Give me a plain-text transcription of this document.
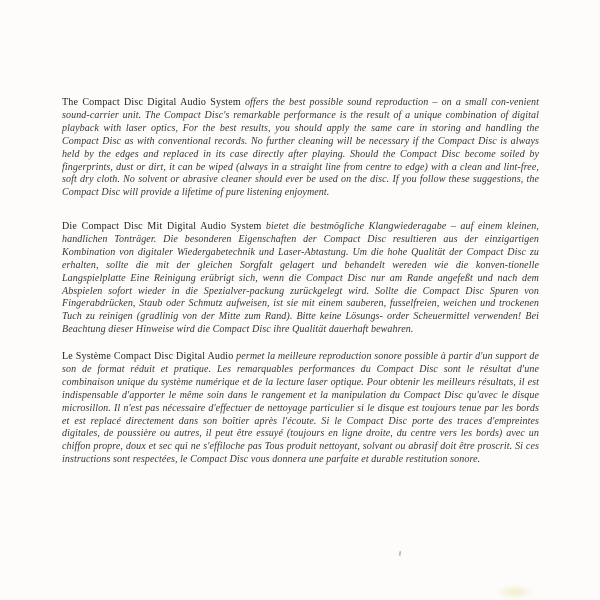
The Compact Disc Digital Audio System offers the best possible sound reproduction – on a small con-venient sound-carrier unit. The Compact Disc's remarkable performance is the result of a unique combination of digital playback with laser optics, For the best results, you should apply the same care in storing and handling the Compact Disc as with conventional records. No further cleaning will be necessary if the Compact Disc is always held by the edges and replaced in its case directly after playing. Should the Compact Disc become soiled by fingerprints, dust or dirt, it can be wiped (always in a straight line from centre to edge) with a clean and lint-free, soft dry cloth. No solvent or abrasive cleaner should ever be used on the disc. If you follow these suggestions, the Compact Disc will provide a lifetime of pure listening enjoyment.

Die Compact Disc Mit Digital Audio System bietet die bestmögliche Klangwiederagabe – auf einem kleinen, handlichen Tonträger. Die besonderen Eigenschaften der Compact Disc resultieren aus der einzigartigen Kombination von digitaler Wiedergabetechnik und Laser-Abtastung. Um die hohe Qualität der Compact Disc zu erhalten, sollte die mit der gleichen Sorgfalt gelagert und behandelt wereden wie die konven-tionelle Langspielplatte Eine Reinigung erübrigt sich, wenn die Compact Disc nur am Rande angefeßt und nach dem Abspielen sofort wieder in die Spezialver-packung zurückgelegt wird. Sollte die Compact Disc Spuren von Fingerabdrücken, Staub oder Schmutz aufweisen, ist sie mit einem sauberen, fusselfreien, weichen und trockenen Tuch zu reinigen (gradlinig von der Mitte zum Rand). Bitte keine Lösungs- order Scheuermittel verwenden! Bei Beachtung dieser Hinweise wird die Compact Disc ihre Qualität dauerhaft bewahren.

Le Système Compact Disc Digital Audio permet la meilleure reproduction sonore possible à partir d'un support de son de format réduit et pratique. Les remarquables performances du Compact Disc sont le résultat d'une combinaison unique du système numérique et de la lecture laser optique. Pour obtenir les meilleurs résultats, il est indispensable d'apporter le même soin dans le rangement et la manipulation du Compact Disc qu'avec le disque microsillon. Il n'est pas nécessaire d'effectuer de nettoyage particulier si le disque est toujours tenue par les bords et est replacé directement dans son boîtier après l'écoute. Si le Compact Disc porte des traces d'empreintes digitales, de poussière ou autres, il peut être essuyé (toujours en ligne droite, du centre vers les bords) avec un chiffon propre, doux et sec qui ne s'effiloche pas Tous produit nettoyant, solvant ou abrasif doit être proscrit. Si ces instructions sont respectées, le Compact Disc vous donnera une parfaite et durable restitution sonore.
